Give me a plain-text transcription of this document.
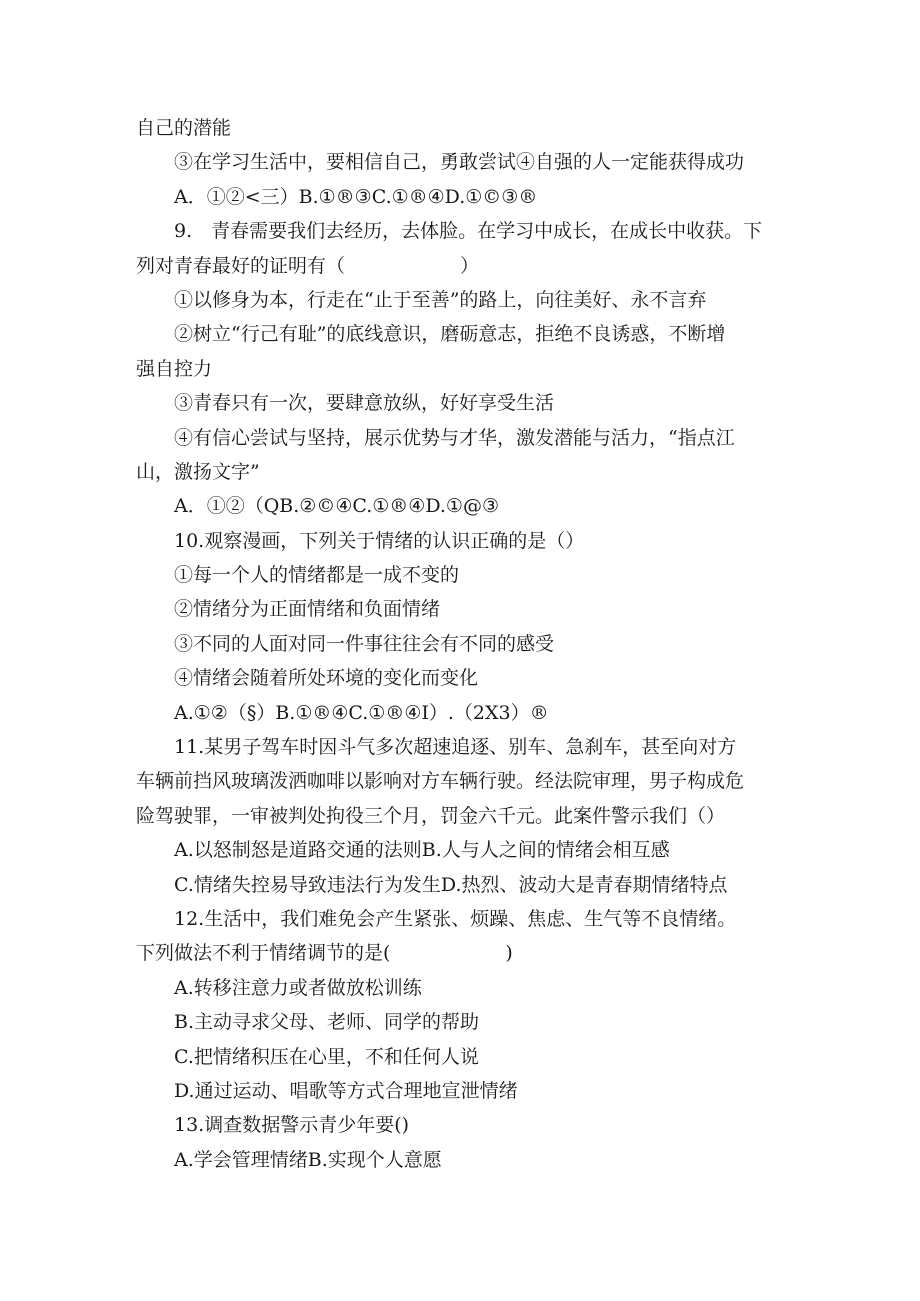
自己的潜能
③在学习生活中，要相信自己，勇敢尝试④自强的人一定能获得成功
A．①②<三）B.①®③C.①®④D.①©③®
9.　青春需要我们去经历，去体脸。在学习中成长，在成长中收获。下
列对青春最好的证明有（	）
①以修身为本，行走在“止于至善”的路上，向往美好、永不言弃
②树立“行己有耻”的底线意识，磨砺意志，拒绝不良诱惑，不断增
强自控力
③青春只有一次，要肆意放纵，好好享受生活
④有信心尝试与坚持，展示优势与才华，激发潜能与活力，“指点江
山，激扬文字”
A．①②（QB.②©④C.①®④D.①@③
10.观察漫画，下列关于情绪的认识正确的是（）
①每一个人的情绪都是一成不变的
②情绪分为正面情绪和负面情绪
③不同的人面对同一件事往往会有不同的感受
④情绪会随着所处环境的变化而变化
A.①②（§）B.①®④C.①®④I）.（2X3）®
11.某男子驾车时因斗气多次超速追逐、别车、急刹车，甚至向对方
车辆前挡风玻璃泼洒咖啡以影响对方车辆行驶。经法院审理，男子构成危
险驾驶罪，一审被判处拘役三个月，罚金六千元。此案件警示我们（）
A.以怒制怒是道路交通的法则B.人与人之间的情绪会相互感
C.情绪失控易导致违法行为发生D.热烈、波动大是青春期情绪特点
12.生活中，我们难免会产生紧张、烦躁、焦虑、生气等不良情绪。
下列做法不利于情绪调节的是(	)
A.转移注意力或者做放松训练
B.主动寻求父母、老师、同学的帮助
C.把情绪积压在心里，不和任何人说
D.通过运动、唱歌等方式合理地宣泄情绪
13.调查数据警示青少年要()
A.学会管理情绪B.实现个人意愿
